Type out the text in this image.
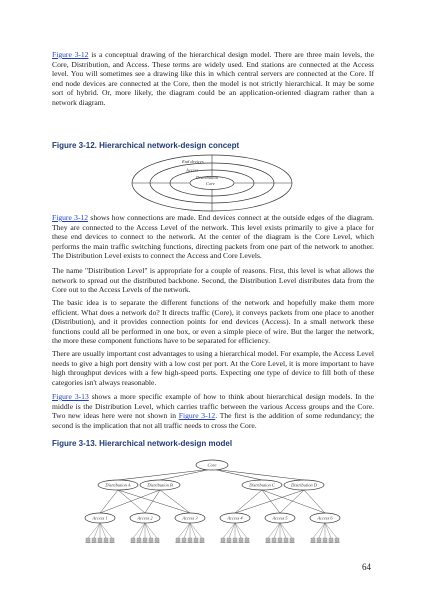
Figure 3-12 is a conceptual drawing of the hierarchical design model. There are three main levels, the Core, Distribution, and Access. These terms are widely used. End stations are connected at the Access level. You will sometimes see a drawing like this in which central servers are connected at the Core. If end node devices are connected at the Core, then the model is not strictly hierarchical. It may be some sort of hybrid. Or, more likely, the diagram could be an application-oriented diagram rather than a network diagram.

Figure 3-12. Hierarchical network-design concept
End devices
Access
Distribution
Core

Figure 3-12 shows how connections are made. End devices connect at the outside edges of the diagram. They are connected to the Access Level of the network. This level exists primarily to give a place for these end devices to connect to the network. At the center of the diagram is the Core Level, which performs the main traffic switching functions, directing packets from one part of the network to another. The Distribution Level exists to connect the Access and Core Levels.

The name "Distribution Level" is appropriate for a couple of reasons. First, this level is what allows the network to spread out the distributed backbone. Second, the Distribution Level distributes data from the Core out to the Access Levels of the network.

The basic idea is to separate the different functions of the network and hopefully make them more efficient. What does a network do? It directs traffic (Core), it conveys packets from one place to another (Distribution), and it provides connection points for end devices (Access). In a small network these functions could all be performed in one box, or even a simple piece of wire. But the larger the network, the more these component functions have to be separated for efficiency.

There are usually important cost advantages to using a hierarchical model. For example, the Access Level needs to give a high port density with a low cost per port. At the Core Level, it is more important to have high throughput devices with a few high-speed ports. Expecting one type of device to fill both of these categories isn't always reasonable.

Figure 3-13 shows a more specific example of how to think about hierarchical design models. In the middle is the Distribution Level, which carries traffic between the various Access groups and the Core. Two new ideas here were not shown in Figure 3-12. The first is the addition of some redundancy; the second is the implication that not all traffic needs to cross the Core.

Figure 3-13. Hierarchical network-design model
Core
Distribution A	Distribution B	Distribution C	Distribution D
Access 1	Access 2	Access 3	Access 4	Access 5	Access 6
64
